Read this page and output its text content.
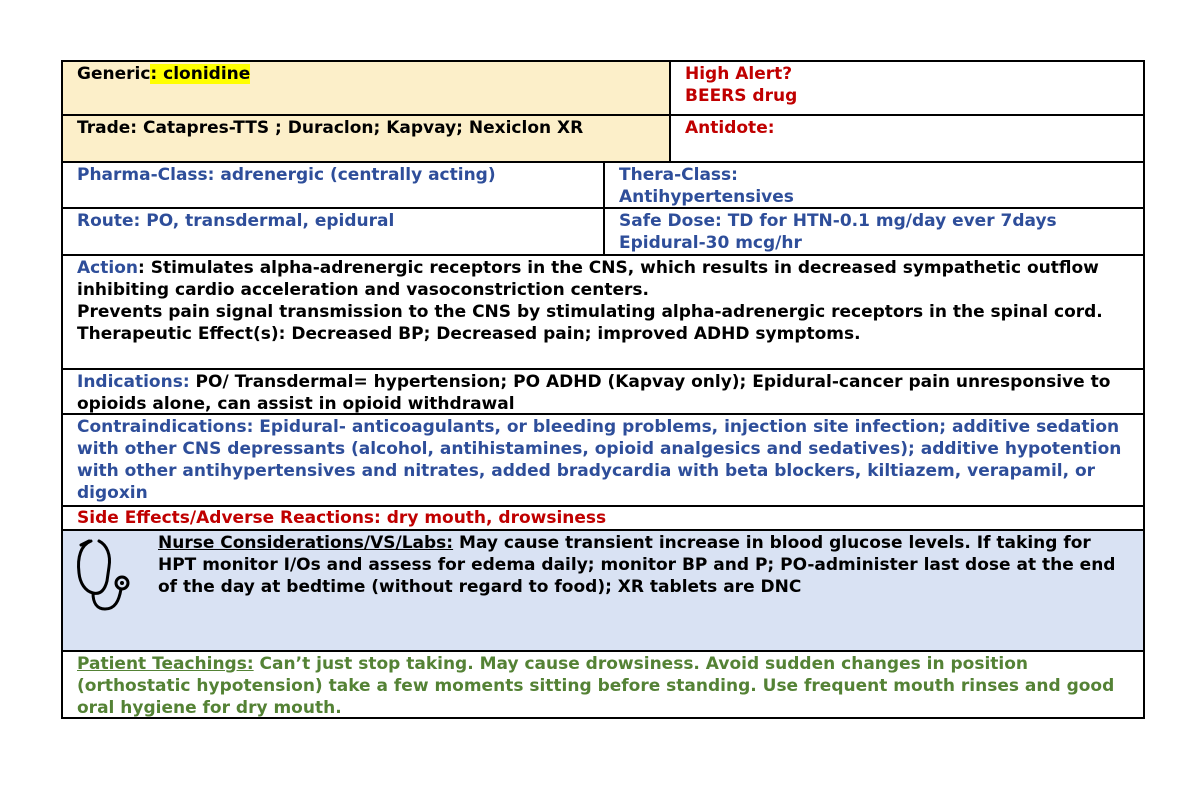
Generic: clonidine	High Alert?
BEERS drug
Trade: Catapres-TTS ; Duraclon; Kapvay; Nexiclon XR	Antidote:
Pharma-Class: adrenergic (centrally acting)	Thera-Class:
Antihypertensives
Route: PO, transdermal, epidural	Safe Dose: TD for HTN-0.1 mg/day ever 7days
Epidural-30 mcg/hr
Action: Stimulates alpha-adrenergic receptors in the CNS, which results in decreased sympathetic outflow inhibiting cardio acceleration and vasoconstriction centers.
Prevents pain signal transmission to the CNS by stimulating alpha-adrenergic receptors in the spinal cord.
Therapeutic Effect(s): Decreased BP; Decreased pain; improved ADHD symptoms.
Indications: PO/ Transdermal= hypertension; PO ADHD (Kapvay only); Epidural-cancer pain unresponsive to opioids alone, can assist in opioid withdrawal
Contraindications: Epidural- anticoagulants, or bleeding problems, injection site infection; additive sedation with other CNS depressants (alcohol, antihistamines, opioid analgesics and sedatives); additive hypotention with other antihypertensives and nitrates, added bradycardia with beta blockers, kiltiazem, verapamil, or digoxin
Side Effects/Adverse Reactions: dry mouth, drowsiness
Nurse Considerations/VS/Labs: May cause transient increase in blood glucose levels. If taking for HPT monitor I/Os and assess for edema daily; monitor BP and P; PO-administer last dose at the end of the day at bedtime (without regard to food); XR tablets are DNC
Patient Teachings: Can’t just stop taking. May cause drowsiness. Avoid sudden changes in position (orthostatic hypotension) take a few moments sitting before standing. Use frequent mouth rinses and good oral hygiene for dry mouth.
